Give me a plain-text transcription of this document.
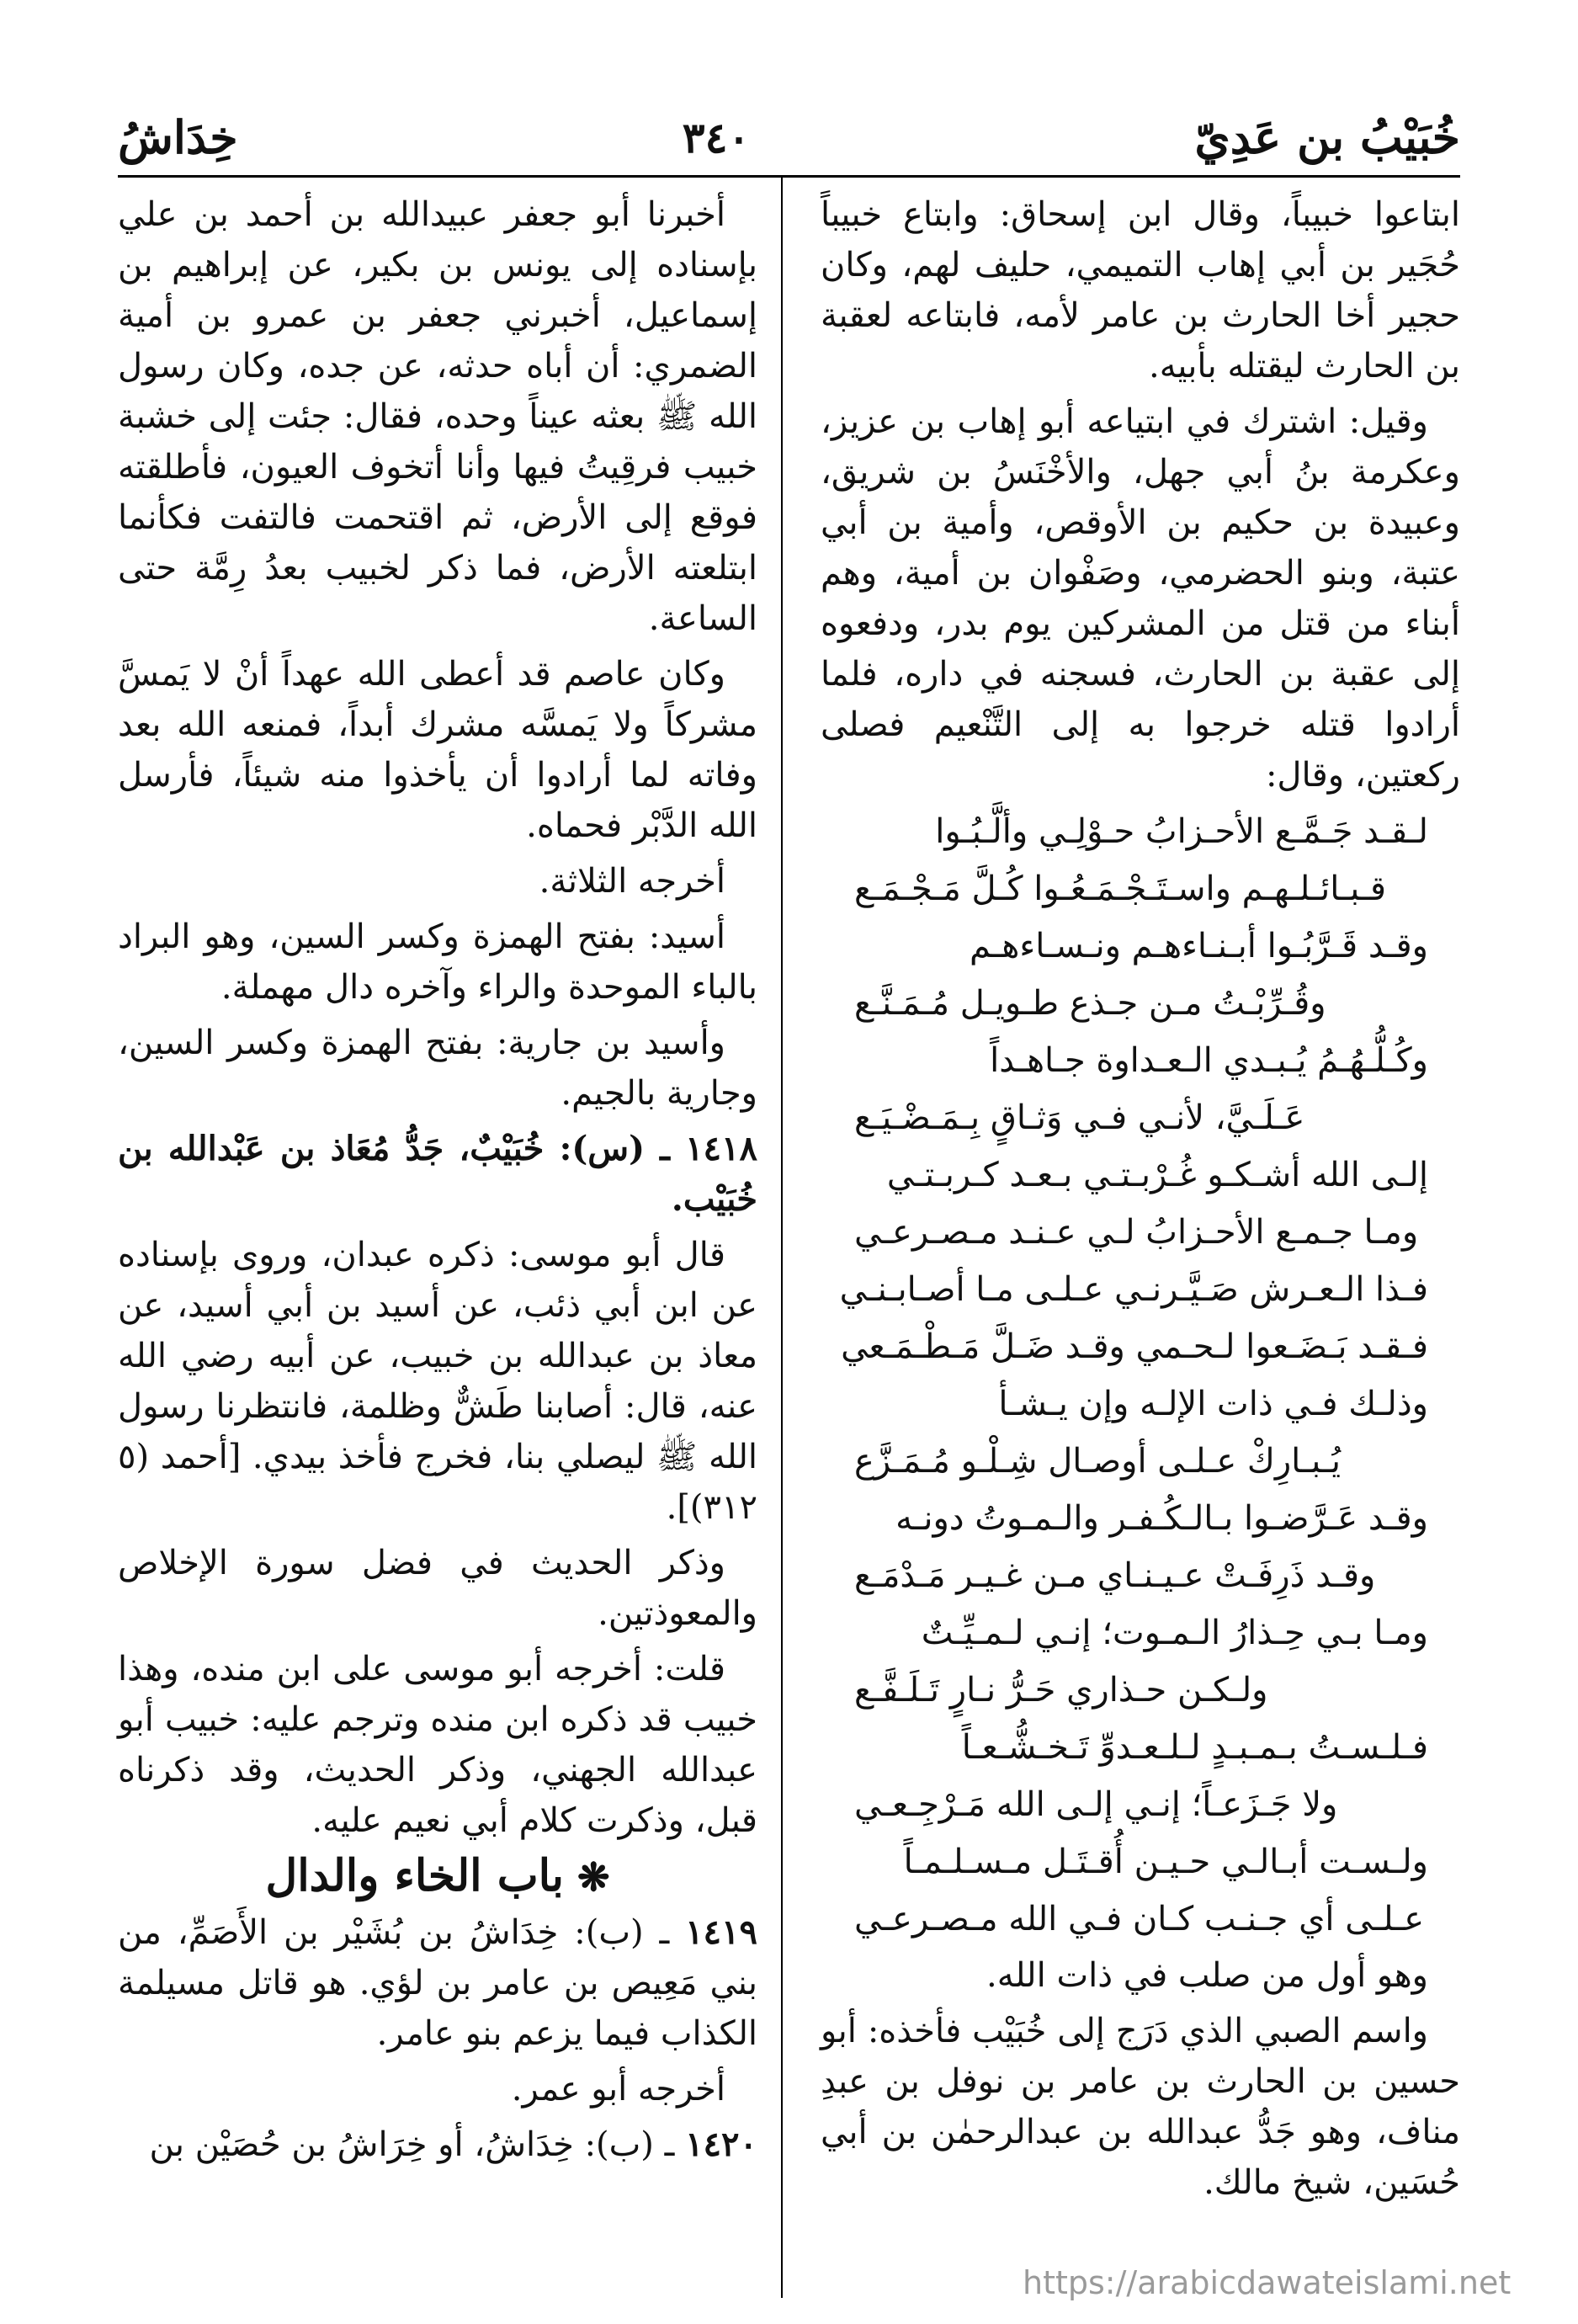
خُبَيْبُ بن عَدِيّ
٣٤٠
خِدَاشُ

ابتاعوا خبيباً، وقال ابن إسحاق: وابتاع خبيباً حُجَير بن أبي إهاب التميمي، حليف لهم، وكان حجير أخا الحارث بن عامر لأمه، فابتاعه لعقبة بن الحارث ليقتله بأبيه.

وقيل: اشترك في ابتياعه أبو إهاب بن عزيز، وعكرمة بنُ أبي جهل، والأخْنَسُ بن شريق، وعبيدة بن حكيم بن الأوقص، وأمية بن أبي عتبة، وبنو الحضرمي، وصَفْوان بن أمية، وهم أبناء من قتل من المشركين يوم بدر، ودفعوه إلى عقبة بن الحارث، فسجنه في داره، فلما أرادوا قتله خرجوا به إلى التَّنْعيم فصلى ركعتين، وقال:

لـقـد جَـمَّـع الأحـزابُ حـوْلِـي وألَّـبُـوا

قـبـائـلـهـم واسـتَـجْـمَـعُـوا كُـلَّ مَـجْـمَـع

وقـد قَـرَّبُـوا أبـنـاءهـم ونـسـاءهـم

وقُـرِّبْـتُ مـن جـذع طـويـل مُـمَـنَّـع

وكُـلُّـهُـمُ يُـبـدي الـعـداوة جـاهـداً

عَـلَـيَّ، لأنـي فـي وَثـاقٍ بِـمَـضْـيَـع

إلـى الله أشـكـو غُـرْبـتـي بـعـد كـربـتـي

ومـا جـمـع الأحـزابُ لـي عـنـد مـصـرعـي

فـذا الـعـرش صَـيَّـرنـي عـلـى مـا أصـابـنـي

فـقـد بَـضَـعوا لـحـمي وقـد ضَـلَّ مَـطْـمَـعي

وذلـك فـي ذات الإلـه وإن يـشـأ

يُـبـارِكْ عـلـى أوصـال شِـلْـو مُـمَـزَّع

وقـد عَـرَّضـوا بـالـكُـفـر والـمـوتُ دونـه

وقـد ذَرِفَـتْ عـيـنـاي مـن غـيـر مَـدْمَـع

ومـا بـي حِـذارُ الـمـوت؛ إنـي لـمـيِّـتٌ

ولـكـن حـذاري حَـرُّ نـارٍ تَـلَـفَّـع

فـلـسـتُ بـمـبـدٍ لـلـعـدوِّ تَـخـشُّـعـاً

ولا جَـزَعـاً؛ إنـي إلـى الله مَـرْجِـعـي

ولـسـت أبـالـي حـيـن أُقـتَـل مـسـلـمـاً

عـلـى أي جـنـب كـان فـي الله مـصـرعـي

وهو أول من صلب في ذات الله.

واسم الصبي الذي دَرَج إلى خُبَيْب فأخذه: أبو حسين بن الحارث بن عامر بن نوفل بن عبدِ مناف، وهو جَدُّ عبدالله بن عبدالرحمٰن بن أبي حُسَين، شيخ مالك.

أخبرنا أبو جعفر عبيدالله بن أحمد بن علي بإسناده إلى يونس بن بكير، عن إبراهيم بن إسماعيل، أخبرني جعفر بن عمرو بن أمية الضمري: أن أباه حدثه، عن جده، وكان رسول الله ﷺ بعثه عيناً وحده، فقال: جئت إلى خشبة خبيب فرقِيتُ فيها وأنا أتخوف العيون، فأطلقته فوقع إلى الأرض، ثم اقتحمت فالتفت فكأنما ابتلعته الأرض، فما ذكر لخبيب بعدُ رِمَّة حتى الساعة.

وكان عاصم قد أعطى الله عهداً أنْ لا يَمسَّ مشركاً ولا يَمسَّه مشرك أبداً، فمنعه الله بعد وفاته لما أرادوا أن يأخذوا منه شيئاً، فأرسل الله الدَّبْر فحماه.

أخرجه الثلاثة.

أسيد: بفتح الهمزة وكسر السين، وهو البراد بالباء الموحدة والراء وآخره دال مهملة.

وأسيد بن جارية: بفتح الهمزة وكسر السين، وجارية بالجيم.

١٤١٨ ـ (س): خُبَيْبٌ، جَدُّ مُعَاذ بن عَبْدالله بن خُبَيْب.

قال أبو موسى: ذكره عبدان، وروى بإسناده عن ابن أبي ذئب، عن أسيد بن أبي أسيد، عن معاذ بن عبدالله بن خبيب، عن أبيه رضي الله عنه، قال: أصابنا طَشٌّ وظلمة، فانتظرنا رسول الله ﷺ ليصلي بنا، فخرج فأخذ بيدي. [أحمد (٥ ٣١٢)].

وذكر الحديث في فضل سورة الإخلاص والمعوذتين.

قلت: أخرجه أبو موسى على ابن منده، وهذا خبيب قد ذكره ابن منده وترجم عليه: خبيب أبو عبدالله الجهني، وذكر الحديث، وقد ذكرناه قبل، وذكرت كلام أبي نعيم عليه.

❋باب الخاء والدال

١٤١٩ ـ (ب): خِدَاشُ بن بُشَيْر بن الأَصَمِّ، من بني مَعِيص بن عامر بن لؤي. هو قاتل مسيلمة الكذاب فيما يزعم بنو عامر.

أخرجه أبو عمر.

١٤٢٠ ـ (ب): خِدَاشُ، أو خِرَاشُ بن حُصَيْن بن

https://arabicdawateislami.net
